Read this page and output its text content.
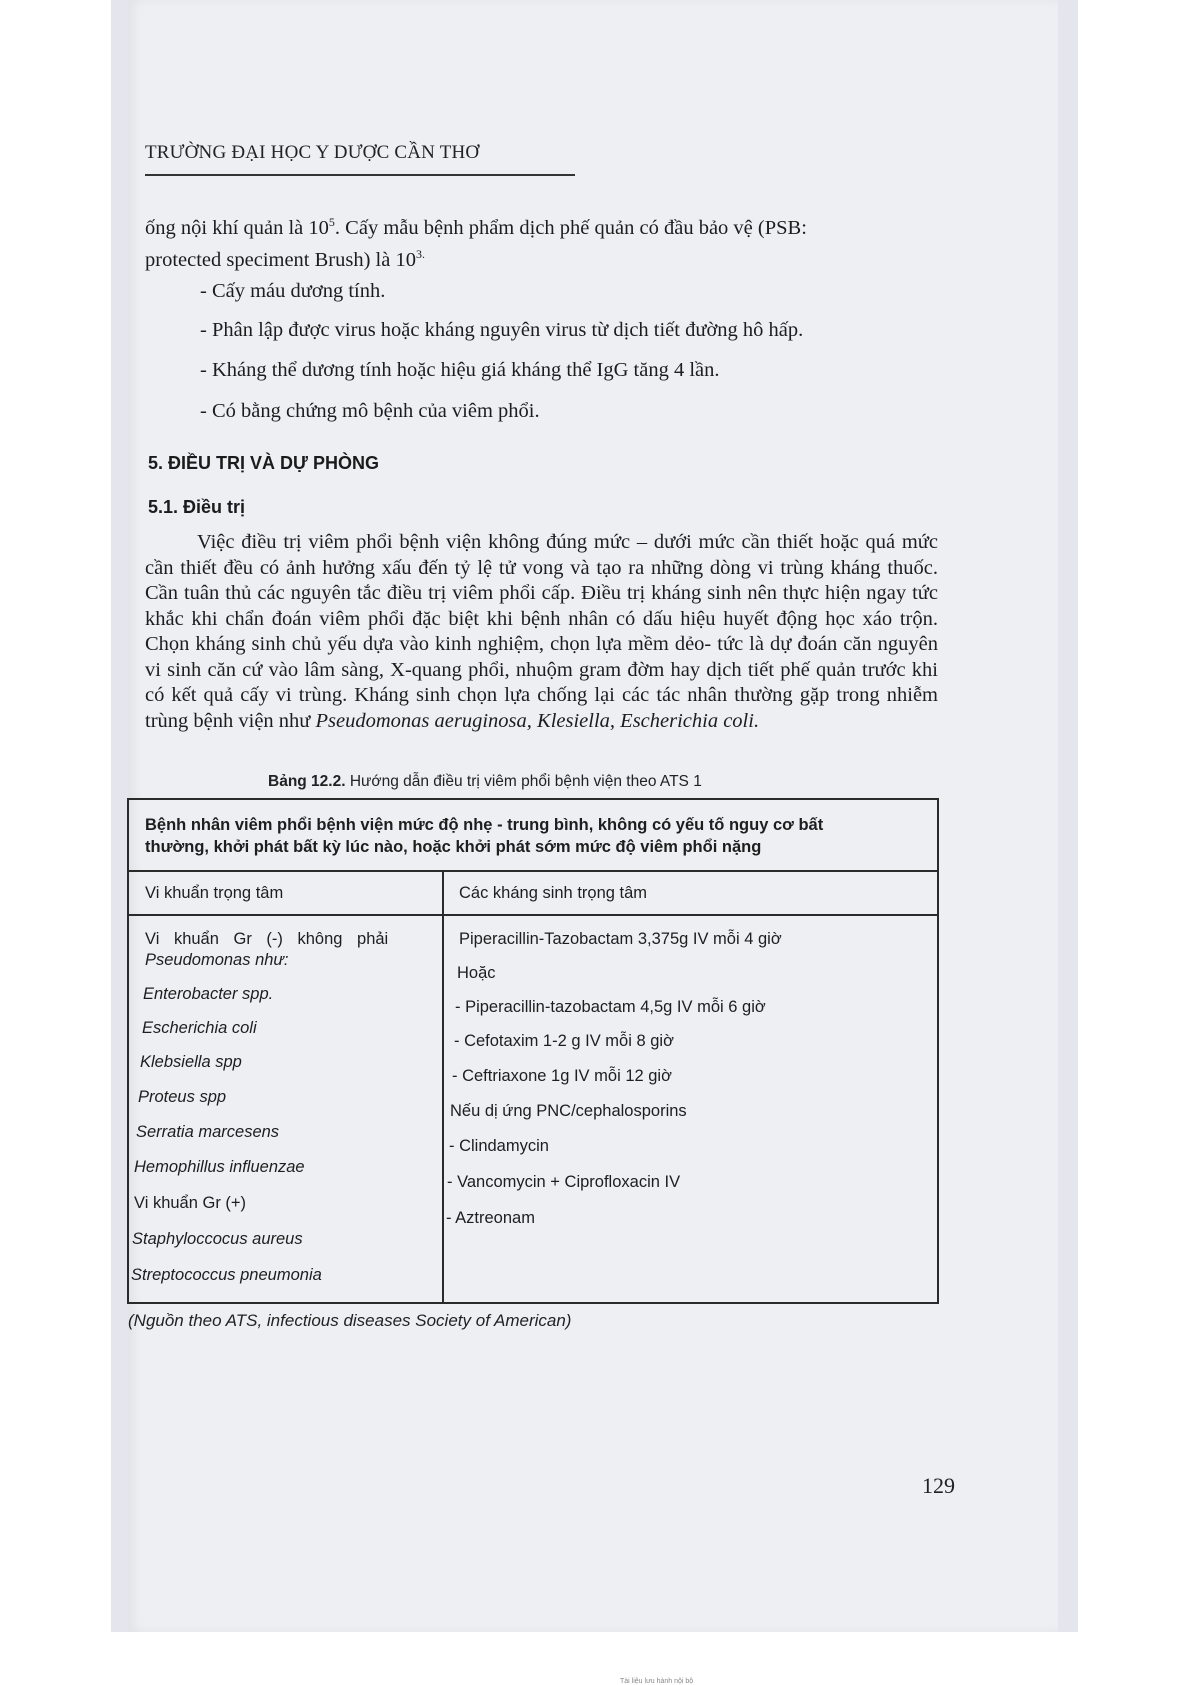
TRƯỜNG ĐẠI HỌC Y DƯỢC CẦN THƠ
ống nội khí quản là $10^5$. Cấy mẫu bệnh phẩm dịch phế quản có đầu bảo vệ (PSB:
protected speciment Brush) là $10^{3.}$
- Cấy máu dương tính.
- Phân lập được virus hoặc kháng nguyên virus từ dịch tiết đường hô hấp.
- Kháng thể dương tính hoặc hiệu giá kháng thể IgG tăng 4 lần.
- Có bằng chứng mô bệnh của viêm phổi.
5. ĐIỀU TRỊ VÀ DỰ PHÒNG
5.1. Điều trị
Việc điều trị viêm phổi bệnh viện không đúng mức – dưới mức cần thiết hoặc quá mức cần thiết đều có ảnh hưởng xấu đến tỷ lệ tử vong và tạo ra những dòng vi trùng kháng thuốc. Cần tuân thủ các nguyên tắc điều trị viêm phổi cấp. Điều trị kháng sinh nên thực hiện ngay tức khắc khi chẩn đoán viêm phổi đặc biệt khi bệnh nhân có dấu hiệu huyết động học xáo trộn. Chọn kháng sinh chủ yếu dựa vào kinh nghiệm, chọn lựa mềm dẻo- tức là dự đoán căn nguyên vi sinh căn cứ vào lâm sàng, X-quang phổi, nhuộm gram đờm hay dịch tiết phế quản trước khi có kết quả cấy vi trùng. Kháng sinh chọn lựa chống lại các tác nhân thường gặp trong nhiễm trùng bệnh viện như Pseudomonas aeruginosa, Klesiella, Escherichia coli.
Bảng 12.2. Hướng dẫn điều trị viêm phổi bệnh viện theo ATS 1
Bệnh nhân viêm phổi bệnh viện mức độ nhẹ - trung bình, không có yếu tố nguy cơ bất
thường, khởi phát bất kỳ lúc nào, hoặc khởi phát sớm mức độ viêm phổi nặng
Vi khuẩn trọng tâm	Các kháng sinh trọng tâm
Vi khuẩn Gr (-) không phải
Pseudomonas như:
Enterobacter spp.
Escherichia coli
Klebsiella spp
Proteus spp
Serratia marcesens
Hemophillus influenzae
Vi khuẩn Gr (+)
Staphyloccocus aureus
Streptococcus pneumonia
Piperacillin-Tazobactam 3,375g IV mỗi 4 giờ
Hoặc
- Piperacillin-tazobactam 4,5g IV mỗi 6 giờ
- Cefotaxim 1-2 g IV mỗi 8 giờ
- Ceftriaxone 1g IV mỗi 12 giờ
Nếu dị ứng PNC/cephalosporins
- Clindamycin
- Vancomycin + Ciprofloxacin IV
- Aztreonam
(Nguồn theo ATS, infectious diseases Society of American)
129
Tài liệu lưu hành nội bộ
